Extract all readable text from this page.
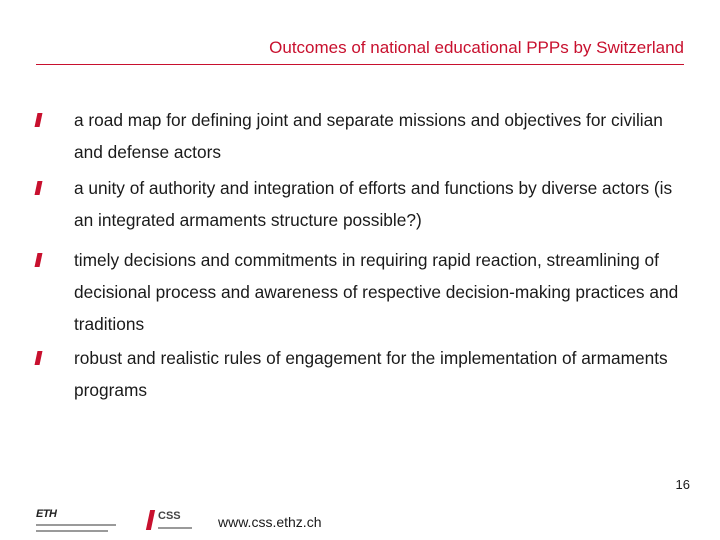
Outcomes of national educational PPPs by Switzerland
a road map for defining joint and separate missions and objectives for civilian and defense actors
a unity of authority and integration of efforts and functions by diverse actors (is an integrated armaments structure possible?)
timely decisions and commitments in requiring rapid reaction, streamlining of decisional process and awareness of respective decision-making practices and traditions
robust and realistic rules of engagement for the implementation of armaments programs
ETH	CSS	www.css.ethz.ch
16
